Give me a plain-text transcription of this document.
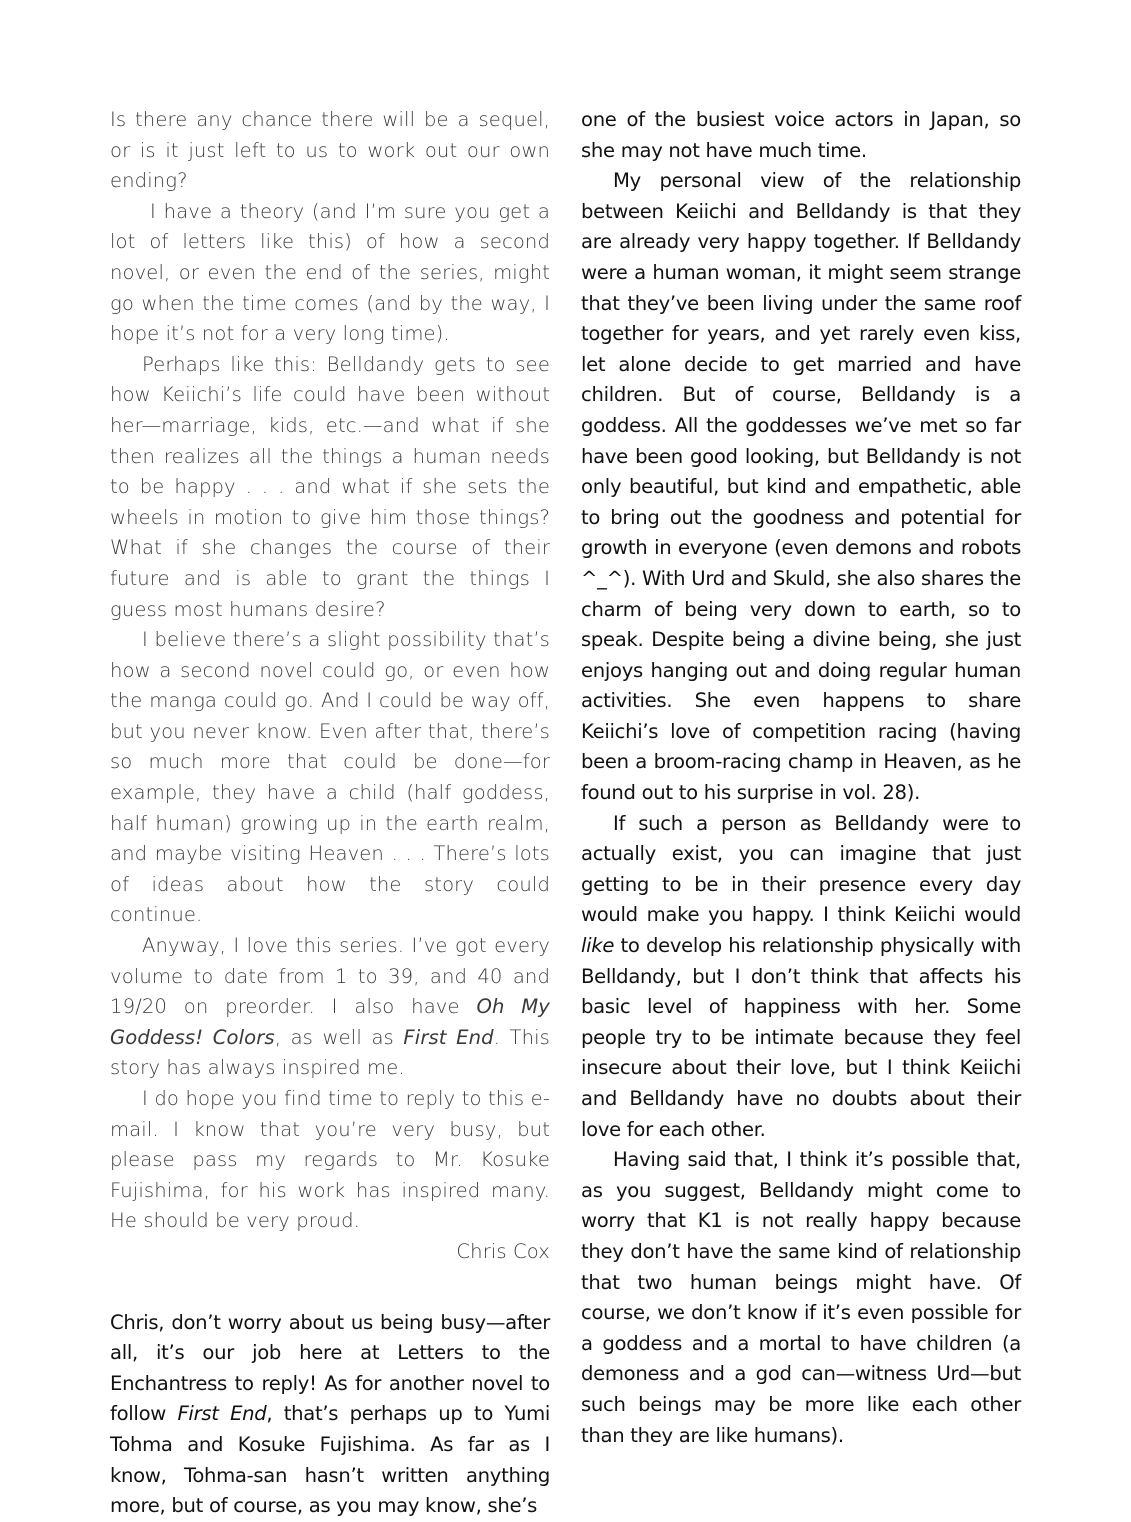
Is there any chance there will be a sequel, or is it just left to us to work out our own ending?

I have a theory (and I’m sure you get a lot of letters like this) of how a second novel, or even the end of the series, might go when the time comes (and by the way, I hope it’s not for a very long time).

Perhaps like this: Belldandy gets to see how Keiichi’s life could have been without her—marriage, kids, etc.—and what if she then realizes all the things a human needs to be happy . . . and what if she sets the wheels in motion to give him those things? What if she changes the course of their future and is able to grant the things I guess most humans desire?

I believe there’s a slight possibility that’s how a second novel could go, or even how the manga could go. And I could be way off, but you never know. Even after that, there’s so much more that could be done—for example, they have a child (half goddess, half human) growing up in the earth realm, and maybe visiting Heaven . . . There’s lots of ideas about how the story could continue.

Anyway, I love this series. I’ve got every volume to date from 1 to 39, and 40 and 19/20 on preorder. I also have Oh My Goddess! Colors, as well as First End. This story has always inspired me.

I do hope you find time to reply to this e-mail. I know that you’re very busy, but please pass my regards to Mr. Kosuke Fujishima, for his work has inspired many. He should be very proud.

Chris Cox

Chris, don’t worry about us being busy—after all, it’s our job here at Letters to the Enchantress to reply! As for another novel to follow First End, that’s perhaps up to Yumi Tohma and Kosuke Fujishima. As far as I know, Tohma-san hasn’t written anything more, but of course, as you may know, she’s

one of the busiest voice actors in Japan, so she may not have much time.

My personal view of the relationship between Keiichi and Belldandy is that they are already very happy together. If Belldandy were a human woman, it might seem strange that they’ve been living under the same roof together for years, and yet rarely even kiss, let alone decide to get married and have children. But of course, Belldandy is a goddess. All the goddesses we’ve met so far have been good looking, but Belldandy is not only beautiful, but kind and empathetic, able to bring out the goodness and potential for growth in everyone (even demons and robots ^_^). With Urd and Skuld, she also shares the charm of being very down to earth, so to speak. Despite being a divine being, she just enjoys hanging out and doing regular human activities. She even happens to share Keiichi’s love of competition racing (having been a broom-racing champ in Heaven, as he found out to his surprise in vol. 28).

If such a person as Belldandy were to actually exist, you can imagine that just getting to be in their presence every day would make you happy. I think Keiichi would like to develop his relationship physically with Belldandy, but I don’t think that affects his basic level of happiness with her. Some people try to be intimate because they feel insecure about their love, but I think Keiichi and Belldandy have no doubts about their love for each other.

Having said that, I think it’s possible that, as you suggest, Belldandy might come to worry that K1 is not really happy because they don’t have the same kind of relationship that two human beings might have. Of course, we don’t know if it’s even possible for a goddess and a mortal to have children (a demoness and a god can—witness Urd—but such beings may be more like each other than they are like humans).
